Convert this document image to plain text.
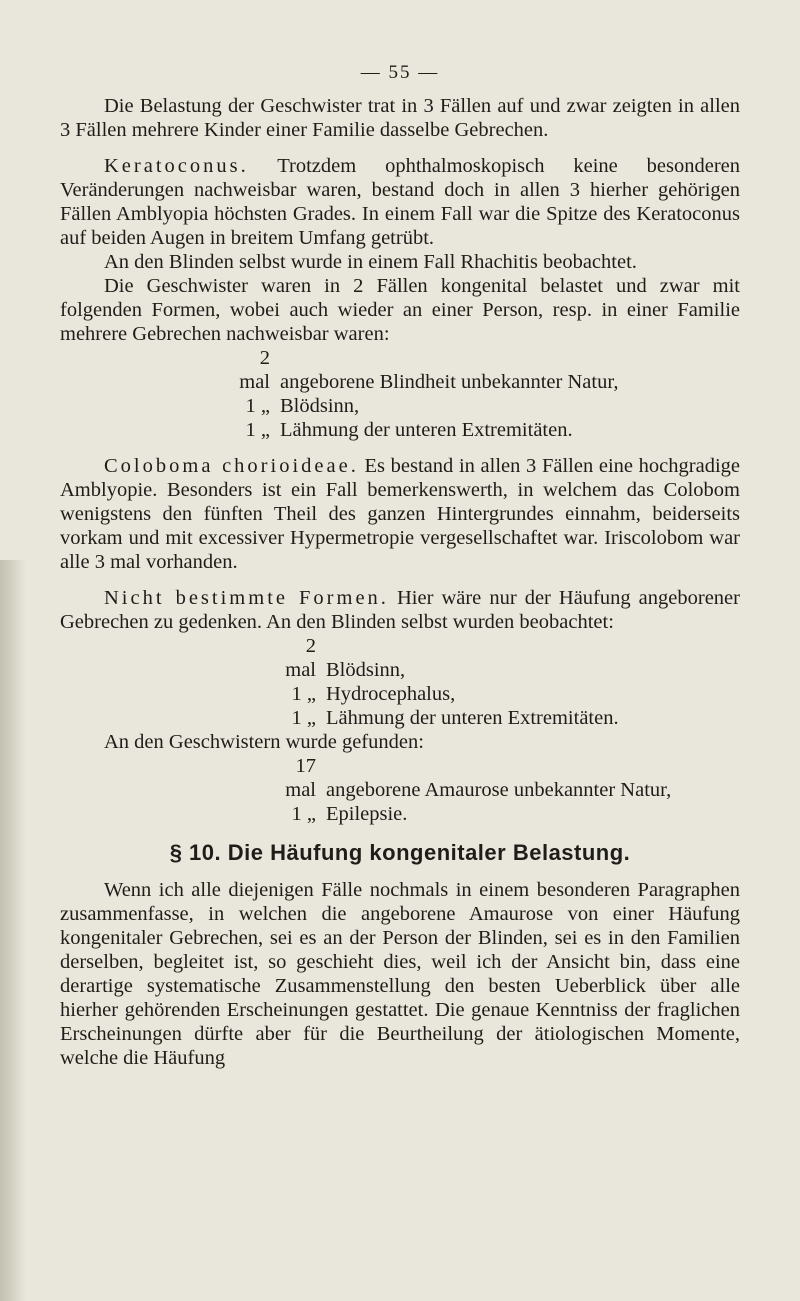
— 55 —

Die Belastung der Geschwister trat in 3 Fällen auf und zwar zeigten in allen 3 Fällen mehrere Kinder einer Familie dasselbe Gebrechen.

Keratoconus. Trotzdem ophthalmoskopisch keine besonderen Veränderungen nachweisbar waren, bestand doch in allen 3 hierher gehörigen Fällen Amblyopia höchsten Grades. In einem Fall war die Spitze des Keratoconus auf beiden Augen in breitem Umfang getrübt.

An den Blinden selbst wurde in einem Fall Rhachitis beobachtet.

Die Geschwister waren in 2 Fällen kongenital belastet und zwar mit folgenden Formen, wobei auch wieder an einer Person, resp. in einer Familie mehrere Gebrechen nachweisbar waren:

2 mal angeborene Blindheit unbekannter Natur,
1 „ Blödsinn,
1 „ Lähmung der unteren Extremitäten.

Coloboma chorioideae. Es bestand in allen 3 Fällen eine hochgradige Amblyopie. Besonders ist ein Fall bemerkenswerth, in welchem das Colobom wenigstens den fünften Theil des ganzen Hintergrundes einnahm, beiderseits vorkam und mit excessiver Hypermetropie vergesellschaftet war. Iriscolobom war alle 3 mal vorhanden.

Nicht bestimmte Formen. Hier wäre nur der Häufung angeborener Gebrechen zu gedenken. An den Blinden selbst wurden beobachtet:

2 mal Blödsinn,
1 „ Hydrocephalus,
1 „ Lähmung der unteren Extremitäten.

An den Geschwistern wurde gefunden:

17 mal angeborene Amaurose unbekannter Natur,
1 „ Epilepsie.
§ 10. Die Häufung kongenitaler Belastung.

Wenn ich alle diejenigen Fälle nochmals in einem besonderen Paragraphen zusammenfasse, in welchen die angeborene Amaurose von einer Häufung kongenitaler Gebrechen, sei es an der Person der Blinden, sei es in den Familien derselben, begleitet ist, so geschieht dies, weil ich der Ansicht bin, dass eine derartige systematische Zusammenstellung den besten Ueberblick über alle hierher gehörenden Erscheinungen gestattet. Die genaue Kenntniss der fraglichen Erscheinungen dürfte aber für die Beurtheilung der ätiologischen Momente, welche die Häufung
